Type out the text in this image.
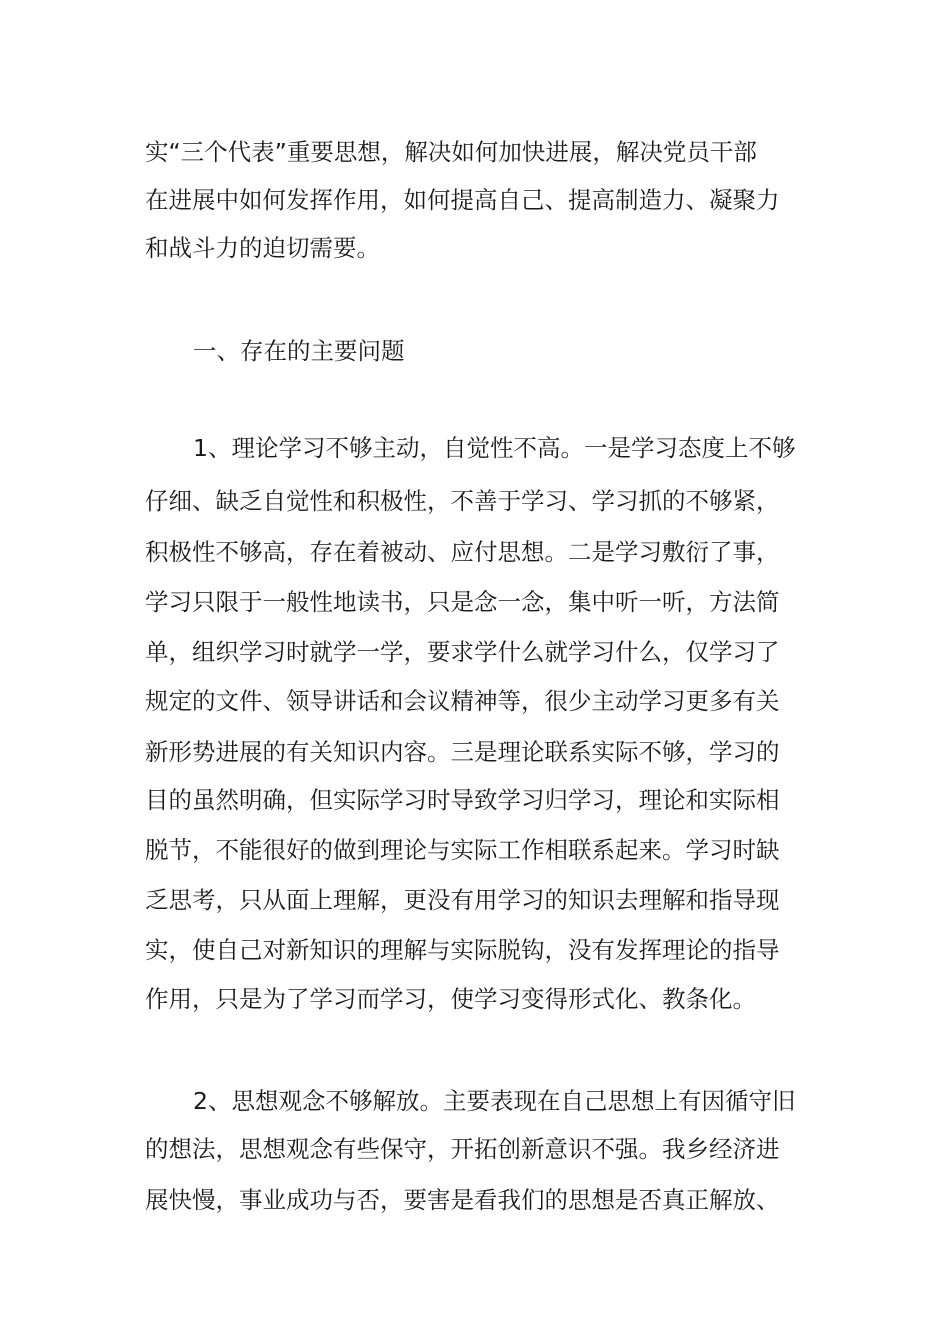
实“三个代表”重要思想，解决如何加快进展，解决党员干部
在进展中如何发挥作用，如何提高自己、提高制造力、凝聚力
和战斗力的迫切需要。
一、存在的主要问题
1、理论学习不够主动，自觉性不高。一是学习态度上不够
仔细、缺乏自觉性和积极性，不善于学习、学习抓的不够紧，
积极性不够高，存在着被动、应付思想。二是学习敷衍了事，
学习只限于一般性地读书，只是念一念，集中听一听，方法简
单，组织学习时就学一学，要求学什么就学习什么，仅学习了
规定的文件、领导讲话和会议精神等，很少主动学习更多有关
新形势进展的有关知识内容。三是理论联系实际不够，学习的
目的虽然明确，但实际学习时导致学习归学习，理论和实际相
脱节，不能很好的做到理论与实际工作相联系起来。学习时缺
乏思考，只从面上理解，更没有用学习的知识去理解和指导现
实，使自己对新知识的理解与实际脱钩，没有发挥理论的指导
作用，只是为了学习而学习，使学习变得形式化、教条化。
2、思想观念不够解放。主要表现在自己思想上有因循守旧
的想法，思想观念有些保守，开拓创新意识不强。我乡经济进
展快慢，事业成功与否，要害是看我们的思想是否真正解放、
